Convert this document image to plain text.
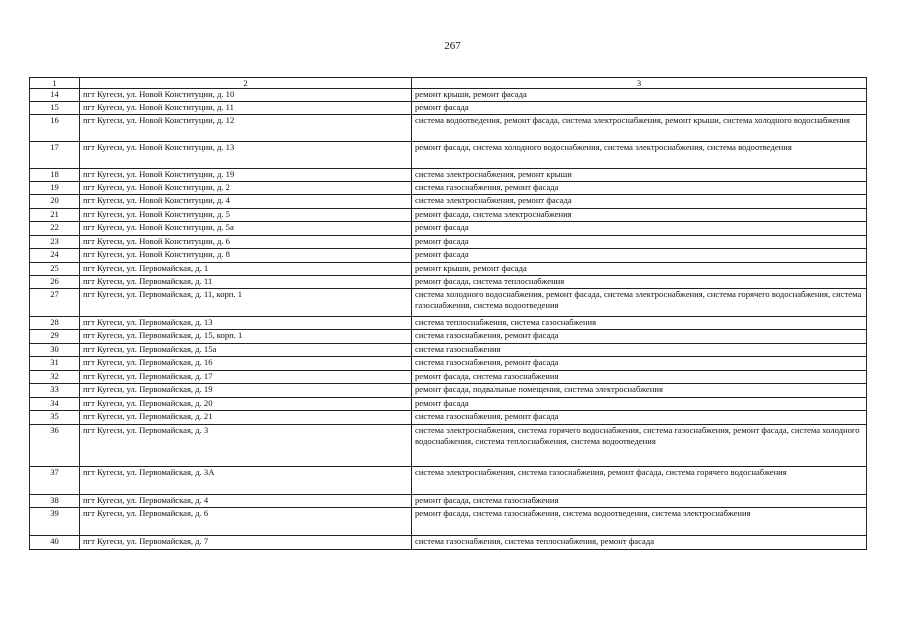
267
1	2	3
14	пгт Кугеси, ул. Новой Конституции, д. 10	ремонт крыши, ремонт фасада
15	пгт Кугеси, ул. Новой Конституции, д. 11	ремонт фасада
16	пгт Кугеси, ул. Новой Конституции, д. 12	система водоотведения, ремонт фасада, система электроснабжения, ремонт крыши, система холодного водоснабжения
17	пгт Кугеси, ул. Новой Конституции, д. 13	ремонт фасада, система холодного водоснабжения, система электроснабжения, система водоотведения
18	пгт Кугеси, ул. Новой Конституции, д. 19	система электроснабжения, ремонт крыши
19	пгт Кугеси, ул. Новой Конституции, д. 2	система газоснабжения, ремонт фасада
20	пгт Кугеси, ул. Новой Конституции, д. 4	система электроснабжения, ремонт фасада
21	пгт Кугеси, ул. Новой Конституции, д. 5	ремонт фасада, система электроснабжения
22	пгт Кугеси, ул. Новой Конституции, д. 5а	ремонт фасада
23	пгт Кугеси, ул. Новой Конституции, д. 6	ремонт фасада
24	пгт Кугеси, ул. Новой Конституции, д. 8	ремонт фасада
25	пгт Кугеси, ул. Первомайская, д. 1	ремонт крыши, ремонт фасада
26	пгт Кугеси, ул. Первомайская, д. 11	ремонт фасада, система теплоснабжения
27	пгт Кугеси, ул. Первомайская, д. 11, корп. 1	система холодного водоснабжения, ремонт фасада, система электроснабжения, система горячего водоснабжения, система газоснабжения, система водоотведения
28	пгт Кугеси, ул. Первомайская, д. 13	система теплоснабжения, система газоснабжения
29	пгт Кугеси, ул. Первомайская, д. 15, корп. 1	система газоснабжения, ремонт фасада
30	пгт Кугеси, ул. Первомайская, д. 15а	система газоснабжения
31	пгт Кугеси, ул. Первомайская, д. 16	система газоснабжения, ремонт фасада
32	пгт Кугеси, ул. Первомайская, д. 17	ремонт фасада, система газоснабжения
33	пгт Кугеси, ул. Первомайская, д. 19	ремонт фасада, подвальные помещения, система электроснабжения
34	пгт Кугеси, ул. Первомайская, д. 20	ремонт фасада
35	пгт Кугеси, ул. Первомайская, д. 21	система газоснабжения, ремонт фасада
36	пгт Кугеси, ул. Первомайская, д. 3	система электроснабжения, система горячего водоснабжения, система газоснабжения, ремонт фасада, система холодного водоснабжения, система теплоснабжения, система водоотведения
37	пгт Кугеси, ул. Первомайская, д. 3А	система электроснабжения, система газоснабжения, ремонт фасада, система горячего водоснабжения
38	пгт Кугеси, ул. Первомайская, д. 4	ремонт фасада, система газоснабжения
39	пгт Кугеси, ул. Первомайская, д. 6	ремонт фасада, система газоснабжения, система водоотведения, система электроснабжения
40	пгт Кугеси, ул. Первомайская, д. 7	система газоснабжения, система теплоснабжения, ремонт фасада
